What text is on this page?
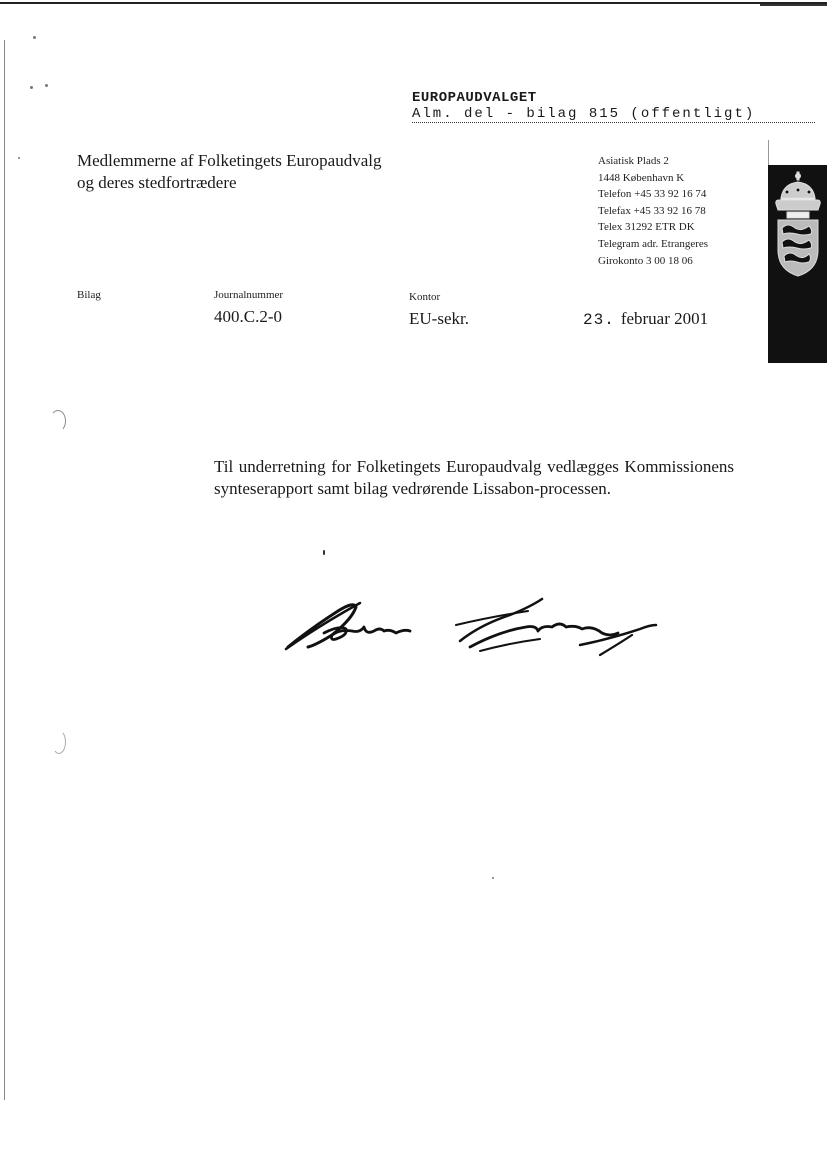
EUROPAUDVALGET
Alm. del - bilag 815 (offentligt)
Medlemmerne af Folketingets Europaudvalg
og deres stedfortrædere
Asiatisk Plads 2
1448 København K
Telefon +45 33 92 16 74
Telefax +45 33 92 16 78
Telex 31292 ETR DK
Telegram adr. Etrangeres
Girokonto 3 00 18 06
Bilag	Journalnummer
400.C.2-0
Kontor
EU-sekr.	23. februar 2001
Til underretning for Folketingets Europaudvalg vedlægges Kommissionens synteserapport samt bilag vedrørende Lissabon-processen.
